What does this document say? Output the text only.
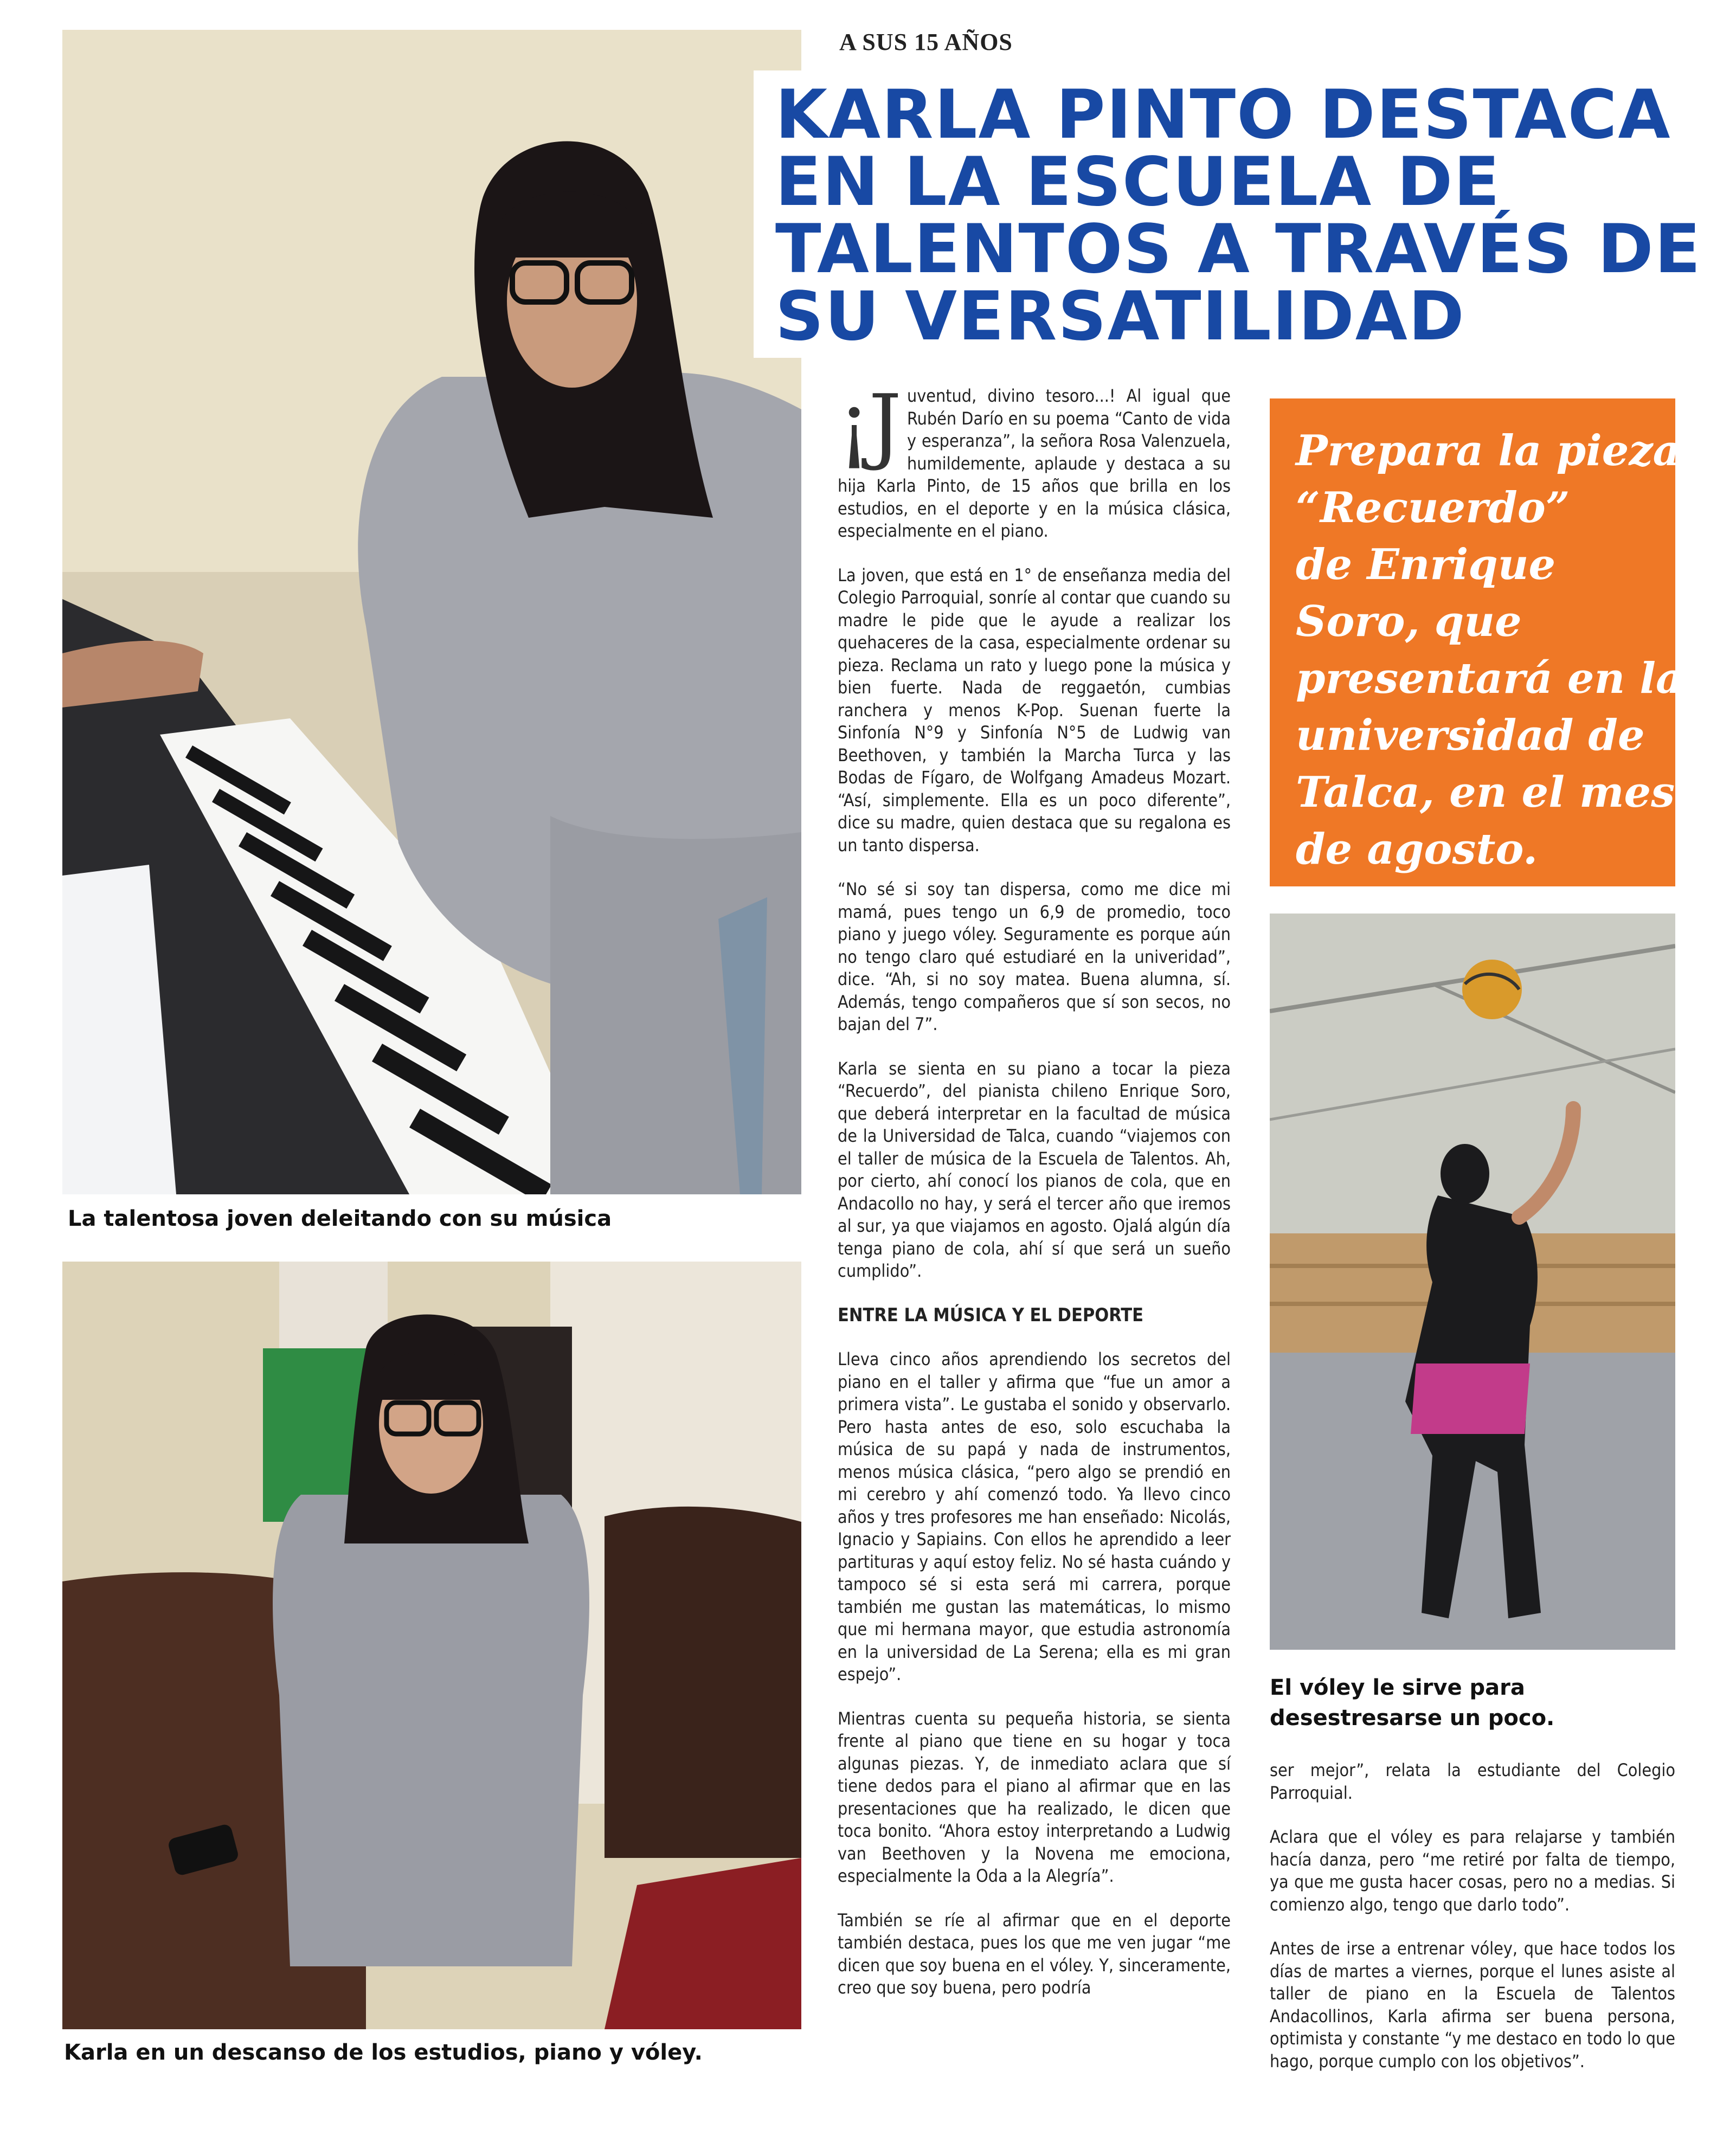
La talentosa joven deleitando con su música
Karla en un descanso de los estudios, piano y vóley.
A SUS 15 AÑOS
KARLA PINTO DESTACA
EN LA ESCUELA DE
TALENTOS A TRAVÉS DE
SU VERSATILIDAD

¡J uventud, divino tesoro...! Al igual que Rubén Darío en su poema “Canto de vida y esperanza”, la señora Rosa Valenzuela, humildemente, aplaude y destaca a su hija Karla Pinto, de 15 años que brilla en los estudios, en el deporte y en la música clásica, especialmente en el piano.

La joven, que está en 1° de enseñanza media del Colegio Parroquial, sonríe al contar que cuando su madre le pide que le ayude a realizar los quehaceres de la casa, especialmente ordenar su pieza. Reclama un rato y luego pone la música y bien fuerte. Nada de reggaetón, cumbias ranchera y menos K-Pop. Suenan fuerte la Sinfonía N°9 y Sinfonía N°5 de Ludwig van Beethoven, y también la Marcha Turca y las Bodas de Fígaro, de Wolfgang Amadeus Mozart. “Así, simplemente. Ella es un poco diferente”, dice su madre, quien destaca que su regalona es un tanto dispersa.

“No sé si soy tan dispersa, como me dice mi mamá, pues tengo un 6,9 de promedio, toco piano y juego vóley. Seguramente es porque aún no tengo claro qué estudiaré en la univeridad”, dice. “Ah, si no soy matea. Buena alumna, sí. Además, tengo compañeros que sí son secos, no bajan del 7”.

Karla se sienta en su piano a tocar la pieza “Recuerdo”, del pianista chileno Enrique Soro, que deberá interpretar en la facultad de música de la Universidad de Talca, cuando “viajemos con el taller de música de la Escuela de Talentos. Ah, por cierto, ahí conocí los pianos de cola, que en Andacollo no hay, y será el tercer año que iremos al sur, ya que viajamos en agosto. Ojalá algún día tenga piano de cola, ahí sí que será un sueño cumplido”.

ENTRE LA MÚSICA Y EL DEPORTE

Lleva cinco años aprendiendo los secretos del piano en el taller y afirma que “fue un amor a primera vista”. Le gustaba el sonido y observarlo. Pero hasta antes de eso, solo escuchaba la música de su papá y nada de instrumentos, menos música clásica, “pero algo se prendió en mi cerebro y ahí comenzó todo. Ya llevo cinco años y tres profesores me han enseñado: Nicolás, Ignacio y Sapiains. Con ellos he aprendido a leer partituras y aquí estoy feliz. No sé hasta cuándo y tampoco sé si esta será mi carrera, porque también me gustan las matemáticas, lo mismo que mi hermana mayor, que estudia astronomía en la universidad de La Serena; ella es mi gran espejo”.

Mientras cuenta su pequeña historia, se sienta frente al piano que tiene en su hogar y toca algunas piezas. Y, de inmediato aclara que sí tiene dedos para el piano al afirmar que en las presentaciones que ha realizado, le dicen que toca bonito. “Ahora estoy interpretando a Ludwig van Beethoven y la Novena me emociona, especialmente la Oda a la Alegría”.

También se ríe al afirmar que en el deporte también destaca, pues los que me ven jugar “me dicen que soy buena en el vóley. Y, sinceramente, creo que soy buena, pero podría

Prepara la pieza
“Recuerdo”
de Enrique
Soro, que
presentará en la
universidad de
Talca, en el mes
de agosto.
El vóley le sirve para desestresarse un poco.

ser mejor”, relata la estudiante del Colegio Parroquial.

Aclara que el vóley es para relajarse y también hacía danza, pero “me retiré por falta de tiempo, ya que me gusta hacer cosas, pero no a medias. Si comienzo algo, tengo que darlo todo”.

Antes de irse a entrenar vóley, que hace todos los días de martes a viernes, porque el lunes asiste al taller de piano en la Escuela de Talentos Andacollinos, Karla afirma ser buena persona, optimista y constante “y me destaco en todo lo que hago, porque cumplo con los objetivos”.
